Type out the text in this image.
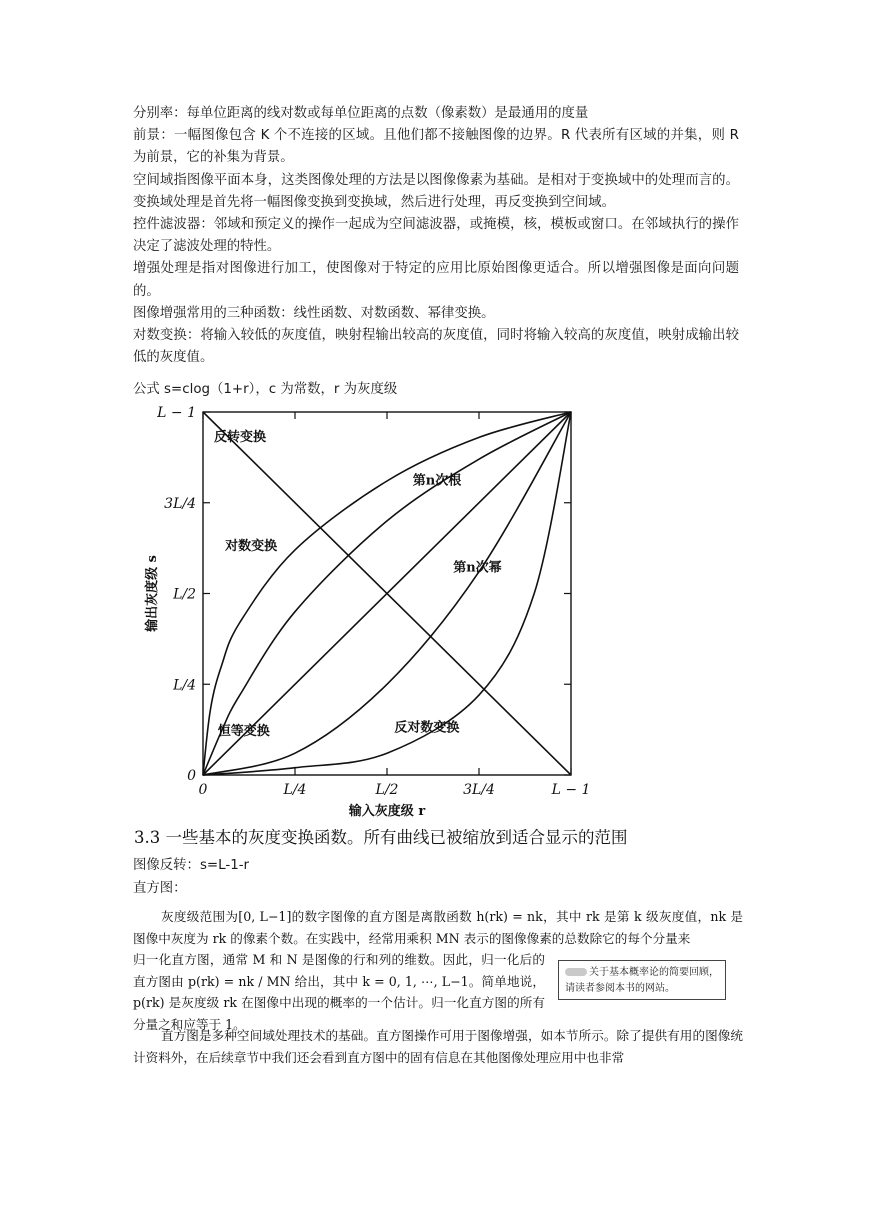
分别率：每单位距离的线对数或每单位距离的点数（像素数）是最通用的度量

前景：一幅图像包含 K 个不连接的区域。且他们都不接触图像的边界。R 代表所有区域的并集，则 R 为前景，它的补集为背景。

空间域指图像平面本身，这类图像处理的方法是以图像像素为基础。是相对于变换域中的处理而言的。变换域处理是首先将一幅图像变换到变换域，然后进行处理，再反变换到空间域。

控件滤波器：邻域和预定义的操作一起成为空间滤波器，或掩模，核，模板或窗口。在邻域执行的操作决定了滤波处理的特性。

增强处理是指对图像进行加工，使图像对于特定的应用比原始图像更适合。所以增强图像是面向问题的。

图像增强常用的三种函数：线性函数、对数函数、幂律变换。

对数变换：将输入较低的灰度值，映射程输出较高的灰度值，同时将输入较高的灰度值，映射成输出较低的灰度值。

公式 s=clog（1+r），c 为常数，r 为灰度级
0	L/4	L/2	3L/4	L − 1
0
L/4
L/2
3L/4
L − 1
输入灰度级 r
输出灰度级 s
反转变换
恒等变换
对数变换
第n次根
第n次幂
反对数变换
3.3 一些基本的灰度变换函数。所有曲线已被缩放到适合显示的范围

图像反转：s=L-1-r

直方图：

灰度级范围为[0, L−1]的数字图像的直方图是离散函数 h(rk) = nk，其中 rk 是第 k 级灰度值，nk 是图像中灰度为 rk 的像素个数。在实践中，经常用乘积 MN 表示的图像像素的总数除它的每个分量来

归一化直方图，通常 M 和 N 是图像的行和列的维数。因此，归一化后的直方图由 p(rk) = nk / MN 给出，其中 k = 0, 1, ⋯, L−1。简单地说，p(rk) 是灰度级 rk 在图像中出现的概率的一个估计。归一化直方图的所有分量之和应等于 1。

关于基本概率论的简要回顾，请读者参阅本书的网站。

直方图是多种空间域处理技术的基础。直方图操作可用于图像增强，如本节所示。除了提供有用的图像统计资料外，在后续章节中我们还会看到直方图中的固有信息在其他图像处理应用中也非常
